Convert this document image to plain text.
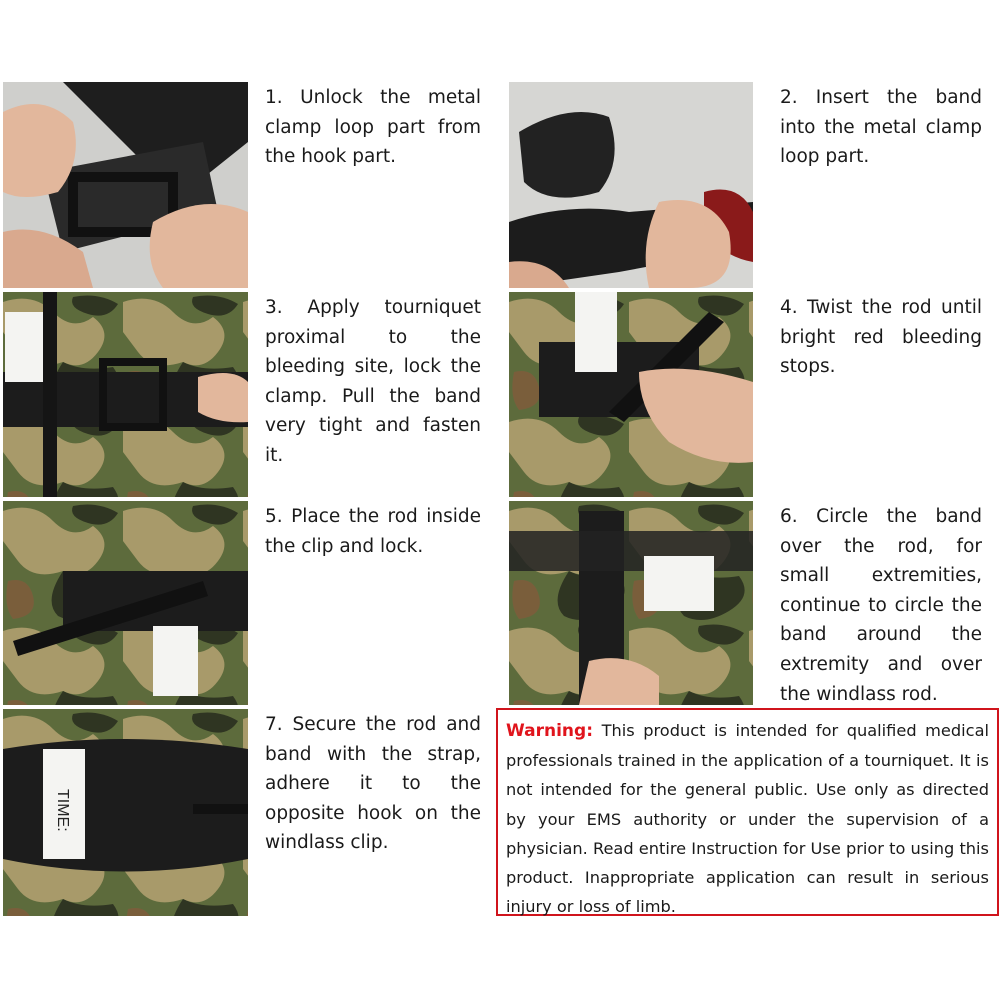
1. Unlock the metal clamp loop part from the hook part.
2. Insert the band into the metal clamp loop part.
3. Apply tourniquet proximal to the bleeding site, lock the clamp. Pull the band very tight and fasten it.
4. Twist the rod until bright red bleeding stops.
5. Place the rod inside the clip and lock.
6. Circle the band over the rod, for small extremities, continue to circle the band around the extremity and over the windlass rod.
TIME:
7. Secure the rod and band with the strap, adhere it to the opposite hook on the windlass clip.
Warning: This product is intended for qualified medical professionals trained in the application of a tourniquet. It is not intended for the general public. Use only as directed by your EMS authority or under the supervision of a physician. Read entire Instruction for Use prior to using this product. Inappropriate application can result in serious injury or loss of limb.
